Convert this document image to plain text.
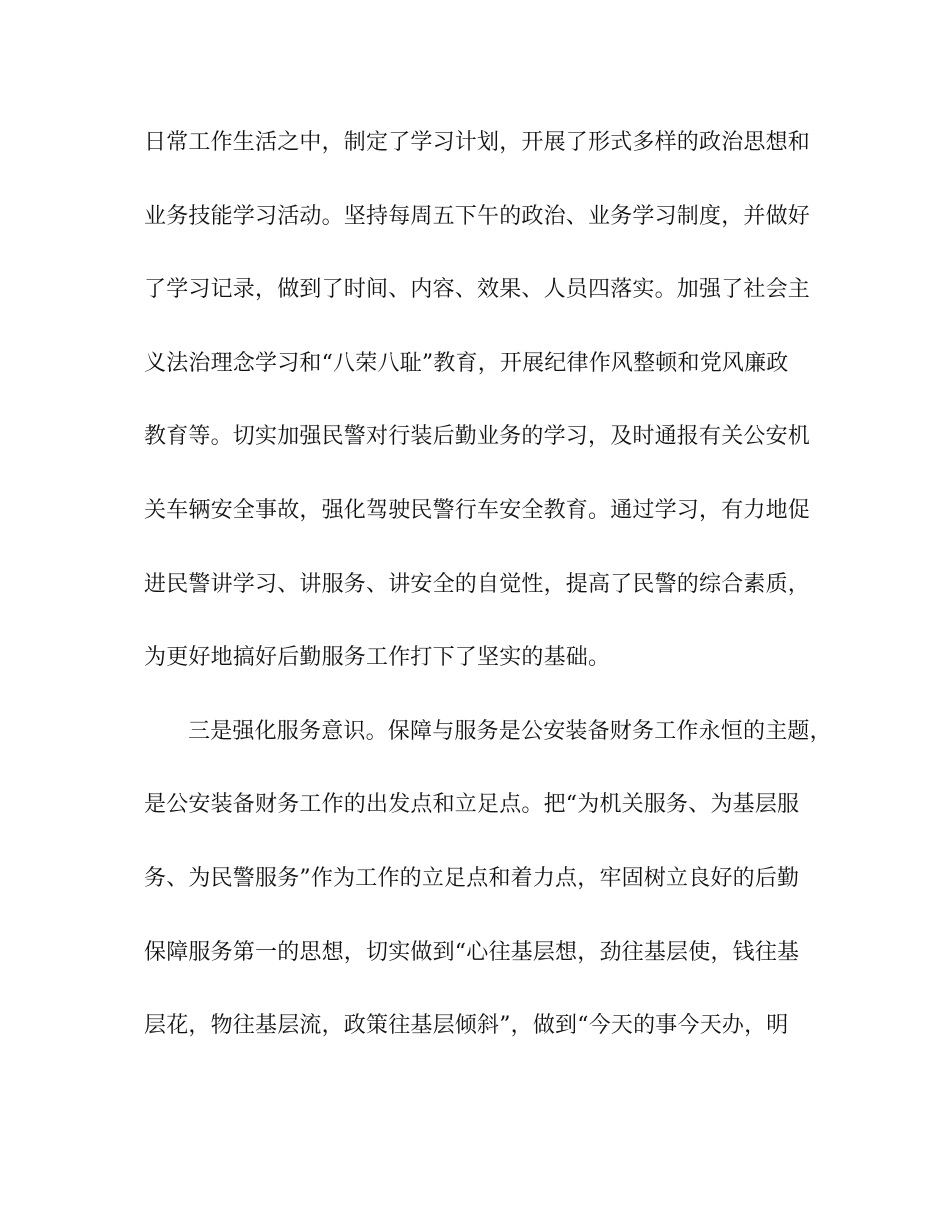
日常工作生活之中，制定了学习计划，开展了形式多样的政治思想和
业务技能学习活动。坚持每周五下午的政治、业务学习制度，并做好
了学习记录，做到了时间、内容、效果、人员四落实。加强了社会主
义法治理念学习和“八荣八耻”教育，开展纪律作风整顿和党风廉政
教育等。切实加强民警对行装后勤业务的学习，及时通报有关公安机
关车辆安全事故，强化驾驶民警行车安全教育。通过学习，有力地促
进民警讲学习、讲服务、讲安全的自觉性，提高了民警的综合素质，
为更好地搞好后勤服务工作打下了坚实的基础。
三是强化服务意识。保障与服务是公安装备财务工作永恒的主题，
是公安装备财务工作的出发点和立足点。把“为机关服务、为基层服
务、为民警服务”作为工作的立足点和着力点，牢固树立良好的后勤
保障服务第一的思想，切实做到“心往基层想，劲往基层使，钱往基
层花，物往基层流，政策往基层倾斜”，做到“今天的事今天办，明
